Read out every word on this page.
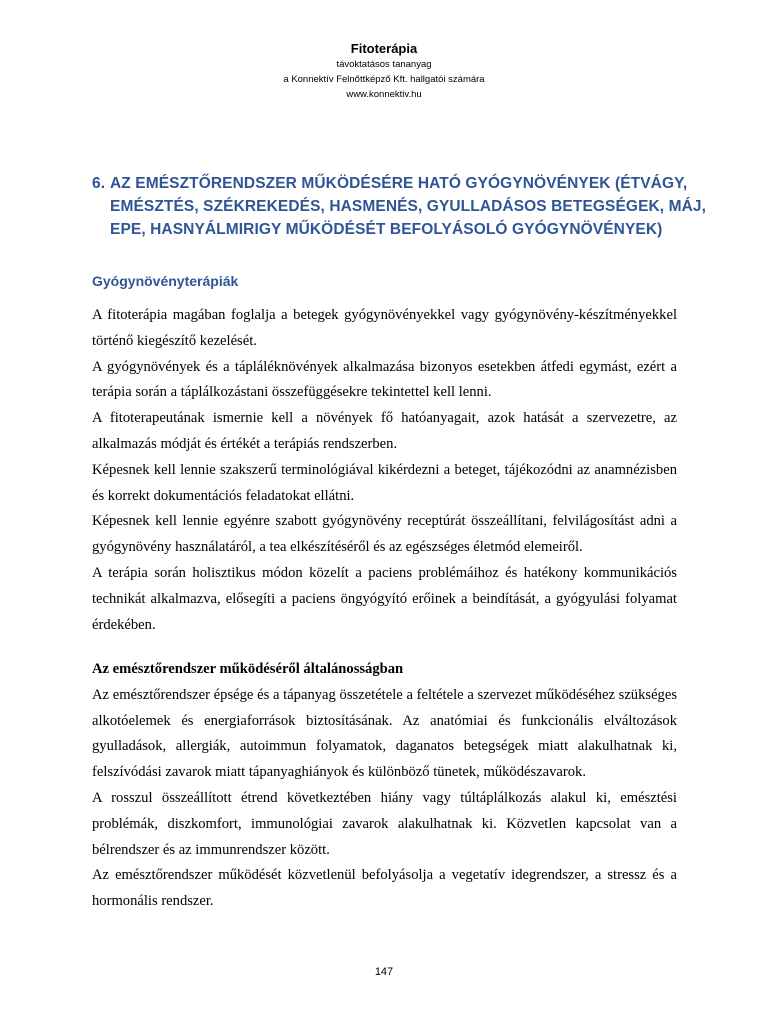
Fitoterápia
távoktatásos tananyag
a Konnektív Felnőttképző Kft. hallgatói számára
www.konnektiv.hu
6. AZ EMÉSZTŐRENDSZER MŰKÖDÉSÉRE HATÓ GYÓGYNÖVÉNYEK (ÉTVÁGY,
EMÉSZTÉS, SZÉKREKEDÉS, HASMENÉS, GYULLADÁSOS BETEGSÉGEK, MÁJ,
EPE, HASNYÁLMIRIGY MŰKÖDÉSÉT BEFOLYÁSOLÓ GYÓGYNÖVÉNYEK)
Gyógynövényterápiák

A fitoterápia magában foglalja a betegek gyógynövényekkel vagy gyógynövény-készítményekkel történő kiegészítő kezelését.

A gyógynövények és a tápláléknövények alkalmazása bizonyos esetekben átfedi egymást, ezért a terápia során a táplálkozástani összefüggésekre tekintettel kell lenni.

A fitoterapeutának ismernie kell a növények fő hatóanyagait, azok hatását a szervezetre, az alkalmazás módját és értékét a terápiás rendszerben.

Képesnek kell lennie szakszerű terminológiával kikérdezni a beteget, tájékozódni az anamnézisben és korrekt dokumentációs feladatokat ellátni.

Képesnek kell lennie egyénre szabott gyógynövény receptúrát összeállítani, felvilágosítást adni a gyógynövény használatáról, a tea elkészítéséről és az egészséges életmód elemeiről.

A terápia során holisztikus módon közelít a paciens problémáihoz és hatékony kommunikációs technikát alkalmazva, elősegíti a paciens öngyógyító erőinek a beindítását, a gyógyulási folyamat érdekében.

Az emésztőrendszer működéséről általánosságban

Az emésztőrendszer épsége és a tápanyag összetétele a feltétele a szervezet működéséhez szükséges alkotóelemek és energiaforrások biztosításának. Az anatómiai és funkcionális elváltozások gyulladások, allergiák, autoimmun folyamatok, daganatos betegségek miatt alakulhatnak ki, felszívódási zavarok miatt tápanyaghiányok és különböző tünetek, működészavarok.

A rosszul összeállított étrend következtében hiány vagy túltáplálkozás alakul ki, emésztési problémák, diszkomfort, immunológiai zavarok alakulhatnak ki. Közvetlen kapcsolat van a bélrendszer és az immunrendszer között.

Az emésztőrendszer működését közvetlenül befolyásolja a vegetatív idegrendszer, a stressz és a hormonális rendszer.

147
